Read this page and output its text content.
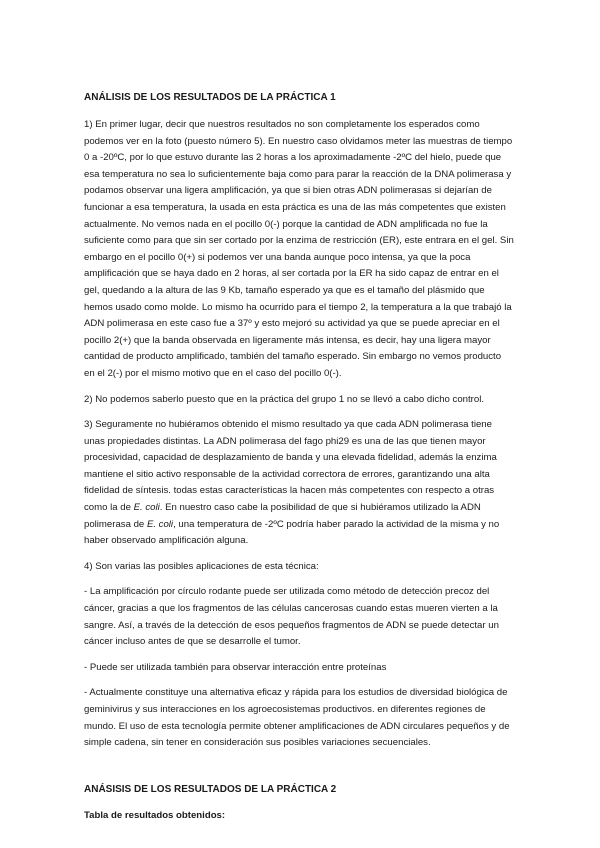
ANÁLISIS DE LOS RESULTADOS DE LA PRÁCTICA 1

1) En primer lugar, decir que nuestros resultados no son completamente los esperados como podemos ver en la foto (puesto número 5). En nuestro caso olvidamos meter las muestras de tiempo 0 a -20ºC, por lo que estuvo durante las 2 horas a los aproximadamente -2ºC del hielo, puede que esa temperatura no sea lo suficientemente baja como para parar la reacción de la DNA polimerasa y podamos observar una ligera amplificación, ya que si bien otras ADN polimerasas si dejarían de funcionar a esa temperatura, la usada en esta práctica es una de las más competentes que existen actualmente. No vemos nada en el pocillo 0(-) porque la cantidad de ADN amplificada no fue la suficiente como para que sin ser cortado por la enzima de restricción (ER), este entrara en el gel. Sin embargo en el pocillo 0(+) si podemos ver una banda aunque poco intensa, ya que la poca amplificación que se haya dado en 2 horas, al ser cortada por la ER ha sido capaz de entrar en el gel, quedando a la altura de las 9 Kb, tamaño esperado ya que es el tamaño del plásmido que hemos usado como molde. Lo mismo ha ocurrido para el tiempo 2, la temperatura a la que trabajó la ADN polimerasa en este caso fue a 37º y esto mejoró su actividad ya que se puede apreciar en el pocillo 2(+) que la banda observada en ligeramente más intensa, es decir, hay una ligera mayor cantidad de producto amplificado, también del tamaño esperado. Sin embargo no vemos producto en el 2(-) por el mismo motivo que en el caso del pocillo 0(-).

2) No podemos saberlo puesto que en la práctica del grupo 1 no se llevó a cabo dicho control.

3) Seguramente no hubiéramos obtenido el mismo resultado ya que cada ADN polimerasa tiene unas propiedades distintas. La ADN polimerasa del fago phi29 es una de las que tienen mayor procesividad, capacidad de desplazamiento de banda y una elevada fidelidad, además la enzima mantiene el sitio activo responsable de la actividad correctora de errores, garantizando una alta fidelidad de síntesis. todas estas características la hacen más competentes con respecto a otras como la de E. coli. En nuestro caso cabe la posibilidad de que si hubiéramos utilizado la ADN polimerasa de E. coli, una temperatura de -2ºC podría haber parado la actividad de la misma y no haber observado amplificación alguna.

4) Son varias las posibles aplicaciones de esta técnica:

- La amplificación por círculo rodante puede ser utilizada como método de detección precoz del cáncer, gracias a que los fragmentos de las células cancerosas cuando estas mueren vierten a la sangre. Así, a través de la detección de esos pequeños fragmentos de ADN se puede detectar un cáncer incluso antes de que se desarrolle el tumor.

- Puede ser utilizada también para observar interacción entre proteínas

- Actualmente constituye una alternativa eficaz y rápida para los estudios de diversidad biológica de geminivirus y sus interacciones en los agroecosistemas productivos. en diferentes regiones de mundo. El uso de esta tecnología permite obtener amplificaciones de ADN circulares pequeños y de simple cadena, sin tener en consideración sus posibles variaciones secuenciales.

ANÁSISIS DE LOS RESULTADOS DE LA PRÁCTICA 2

Tabla de resultados obtenidos:
